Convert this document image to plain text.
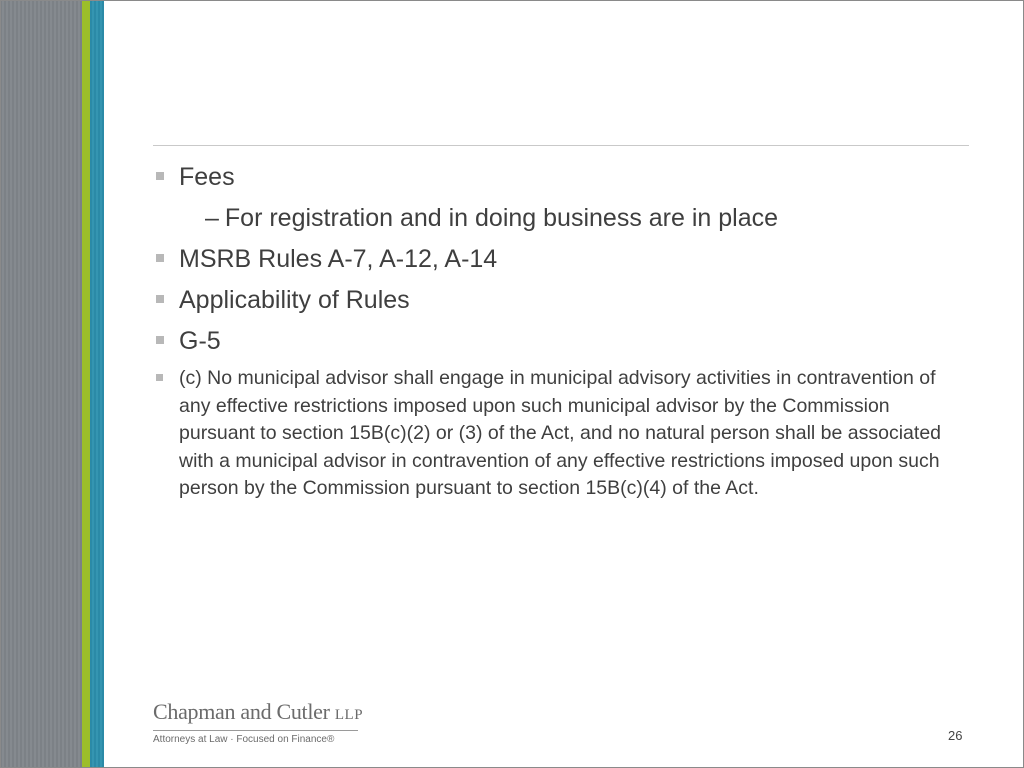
Fees
– For registration and in doing business are in place
MSRB Rules A-7, A-12, A-14
Applicability of Rules
G-5
(c) No municipal advisor shall engage in municipal advisory activities in contravention of any effective restrictions imposed upon such municipal advisor by the Commission pursuant to section 15B(c)(2) or (3) of the Act, and no natural person shall be associated with a municipal advisor in contravention of any effective restrictions imposed upon such person by the Commission pursuant to section 15B(c)(4) of the Act.
Chapman and Cutler LLP
Attorneys at Law · Focused on Finance®	26
